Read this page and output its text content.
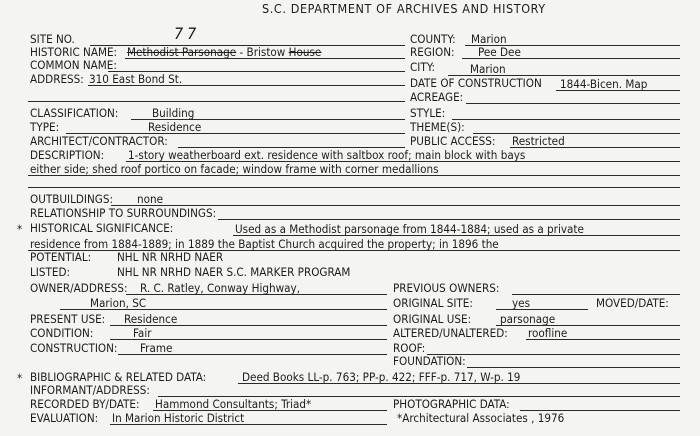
S.C. DEPARTMENT OF ARCHIVES AND HISTORY
SITE NO.	77	COUNTY: Marion
HISTORIC NAME: Methodist Parsonage - Bristow House	REGION: Pee Dee
COMMON NAME:	CITY:	Marion
ADDRESS: 310 East Bond St.	DATE OF CONSTRUCTION 1844-Bicen. Map
ACREAGE:
CLASSIFICATION:	Building	STYLE:
TYPE:	Residence	THEME(S):
ARCHITECT/CONTRACTOR:	PUBLIC ACCESS: Restricted
DESCRIPTION: 1-story weatherboard ext. residence with saltbox roof; main block with bays
either side; shed roof portico on facade; window frame with corner medallions
OUTBUILDINGS: none
RELATIONSHIP TO SURROUNDINGS:
* HISTORICAL SIGNIFICANCE:	Used as a Methodist parsonage from 1844-1884; used as a private
residence from 1884-1889; in 1889 the Baptist Church acquired the property; in 1896 the
POTENTIAL: NHL NR NRHD NAER
LISTED:	NHL NR NRHD NAER S.C. MARKER PROGRAM
OWNER/ADDRESS: R. C. Ratley, Conway Highway,
Marion, SC
PREVIOUS OWNERS:
ORIGINAL SITE:	yes	MOVED/DATE:
PRESENT USE: Residence	ORIGINAL USE: parsonage
CONDITION:	Fair	ALTERED/UNALTERED: roofline
CONSTRUCTION: Frame	ROOF:
FOUNDATION:
* BIBLIOGRAPHIC & RELATED DATA:	Deed Books LL-p. 763; PP-p. 422; FFF-p. 717, W-p. 19
INFORMANT/ADDRESS:
RECORDED BY/DATE: Hammond Consultants; Triad*	PHOTOGRAPHIC DATA:
EVALUATION: In Marion Historic District	*Architectural Associates , 1976
